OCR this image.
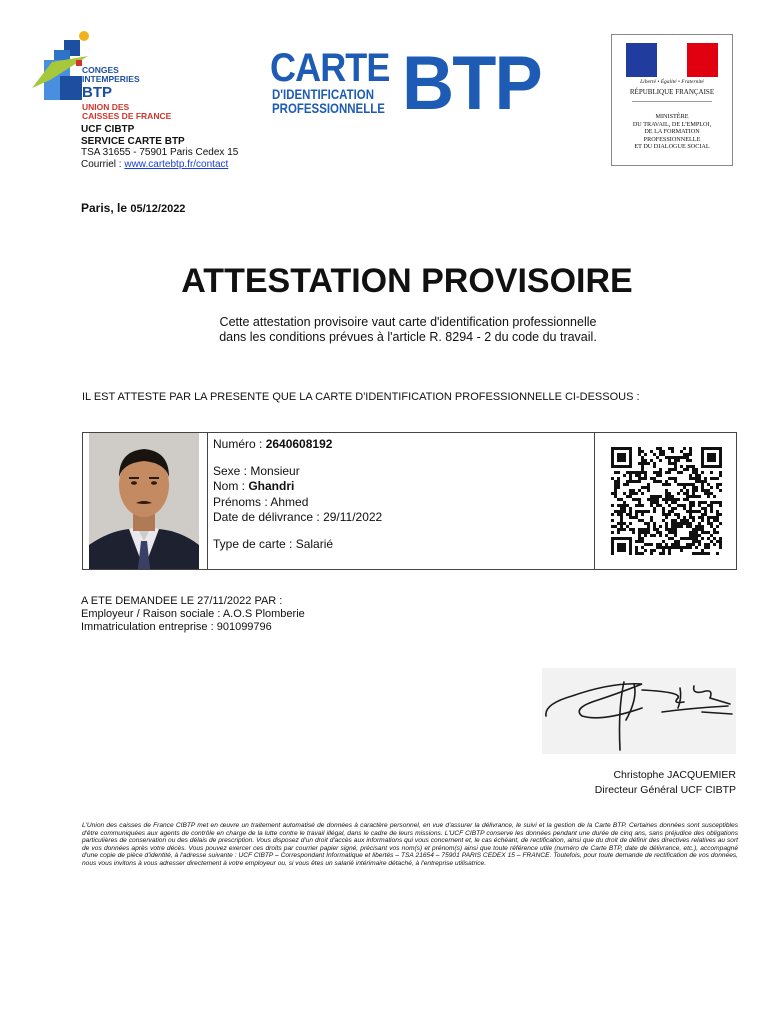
CONGES
INTEMPERIES
BTP
UNION DES
CAISSES DE FRANCE
UCF CIBTP
SERVICE CARTE BTP
TSA 31655 - 75901 Paris Cedex 15
Courriel : www.cartebtp.fr/contact
CARTE
D'IDENTIFICATION
PROFESSIONNELLE BTP	Liberté • Égalité • Fraternité
RÉPUBLIQUE FRANÇAISE
MINISTÈRE
DU TRAVAIL, DE L'EMPLOI,
DE LA FORMATION
PROFESSIONNELLE
ET DU DIALOGUE SOCIAL
Paris, le 05/12/2022
ATTESTATION PROVISOIRE
Cette attestation provisoire vaut carte d'identification professionnelle
dans les conditions prévues à l'article R. 8294 - 2 du code du travail.
IL EST ATTESTE PAR LA PRESENTE QUE LA CARTE D'IDENTIFICATION PROFESSIONNELLE CI-DESSOUS :
Numéro : 2640608192
Sexe : Monsieur
Nom : Ghandri
Prénoms : Ahmed
Date de délivrance : 29/11/2022
Type de carte : Salarié
A ETE DEMANDEE LE 27/11/2022 PAR :
Employeur / Raison sociale : A.O.S Plomberie
Immatriculation entreprise : 901099796
Christophe JACQUEMIER
Directeur Général UCF CIBTP
L'Union des caisses de France CIBTP met en œuvre un traitement automatisé de données à caractère personnel, en vue d'assurer la délivrance, le suivi et la gestion de la Carte BTP. Certaines données sont susceptibles d'être communiquées aux agents de contrôle en charge de la lutte contre le travail illégal, dans le cadre de leurs missions. L'UCF CIBTP conserve les données pendant une durée de cinq ans, sans préjudice des obligations particulières de conservation ou des délais de prescription. Vous disposez d'un droit d'accès aux informations qui vous concernent et, le cas échéant, de rectification, ainsi que du droit de définir des directives relatives au sort de vos données après votre décès. Vous pouvez exercer ces droits par courrier papier signé, précisant vos nom(s) et prénom(s) ainsi que toute référence utile (numéro de Carte BTP, date de délivrance, etc.), accompagné d'une copie de pièce d'identité, à l'adresse suivante : UCF CIBTP – Correspondant Informatique et libertés – TSA 21654 – 75901 PARIS CEDEX 15 – FRANCE. Toutefois, pour toute demande de rectification de vos données, nous vous invitons à vous adresser directement à votre employeur ou, si vous êtes un salarié intérimaire détaché, à l'entreprise utilisatrice.
